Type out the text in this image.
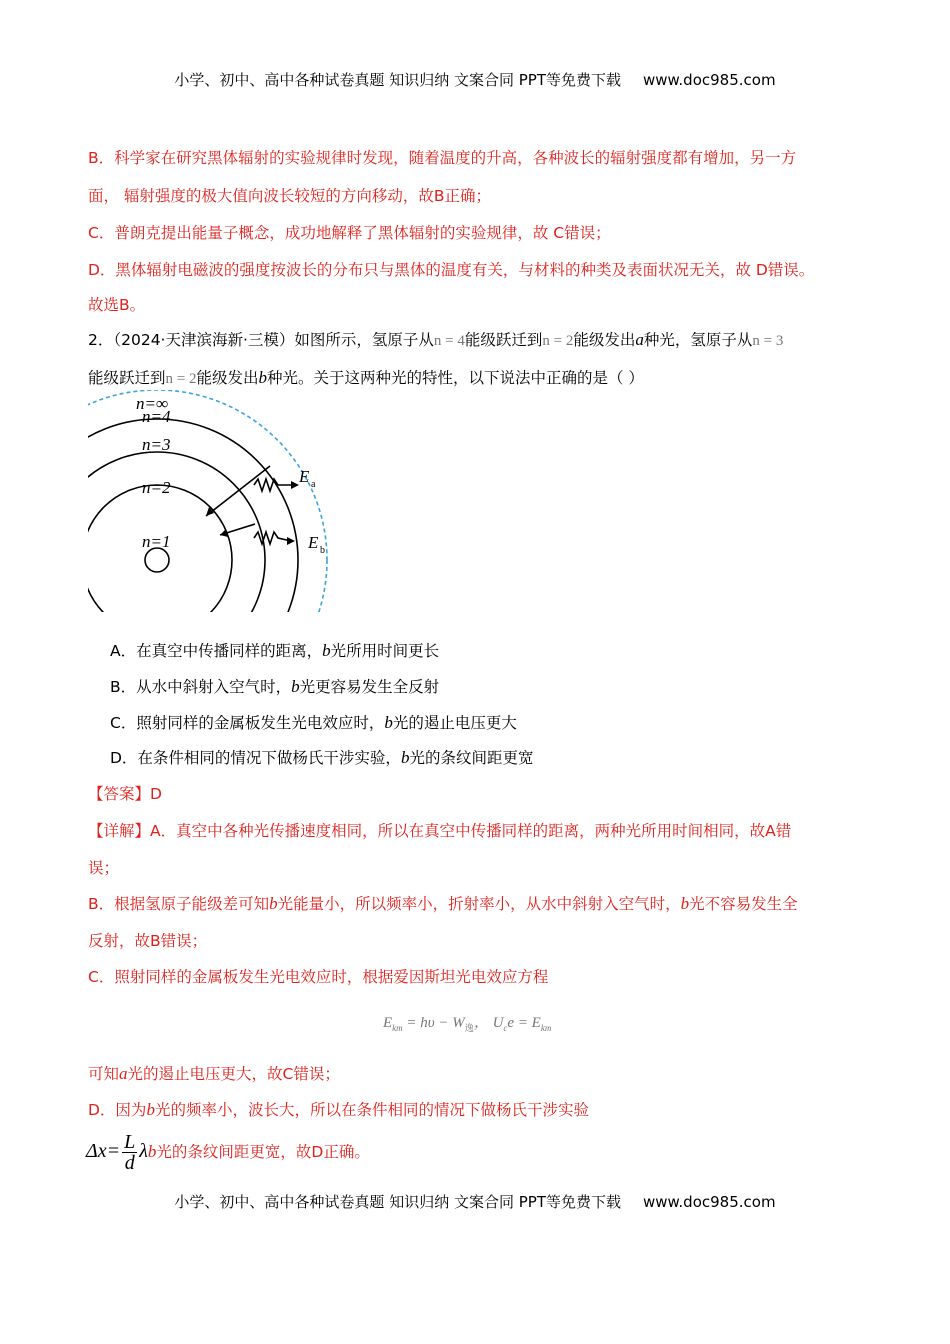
小学、初中、高中各种试卷真题 知识归纳 文案合同 PPT等免费下载 www.doc985.com
B．科学家在研究黑体辐射的实验规律时发现，随着温度的升高，各种波长的辐射强度都有增加，另一方
面， 辐射强度的极大值向波长较短的方向移动，故B正确；
C．普朗克提出能量子概念，成功地解释了黑体辐射的实验规律，故 C错误；
D．黑体辐射电磁波的强度按波长的分布只与黑体的温度有关，与材料的种类及表面状况无关，故 D错误。
故选B。
2．（2024·天津滨海新·三模）如图所示，氢原子从n = 4能级跃迁到n = 2能级发出a种光，氢原子从n = 3
能级跃迁到n = 2能级发出b种光。关于这两种光的特性，以下说法中正确的是（ ）
n=∞
n=4
n=3
n=2
n=1
E a
E b
A．在真空中传播同样的距离，b光所用时间更长
B．从水中斜射入空气时，b光更容易发生全反射
C．照射同样的金属板发生光电效应时，b光的遏止电压更大
D．在条件相同的情况下做杨氏干涉实验，b光的条纹间距更宽
【答案】D
【详解】A．真空中各种光传播速度相同，所以在真空中传播同样的距离，两种光所用时间相同，故A错
误；
B．根据氢原子能级差可知b光能量小，所以频率小，折射率小，从水中斜射入空气时，b光不容易发生全
反射，故B错误；
C．照射同样的金属板发生光电效应时，根据爱因斯坦光电效应方程
$E_{km} = h\upsilon - W_逸$， $U_ce = E_{km}$
可知a光的遏止电压更大，故C错误；
D．因为b光的频率小，波长大，所以在条件相同的情况下做杨氏干涉实验
$\Delta x= \frac{L}{d}$ λb光的条纹间距更宽，故D正确。
小学、初中、高中各种试卷真题 知识归纳 文案合同 PPT等免费下载 www.doc985.com
